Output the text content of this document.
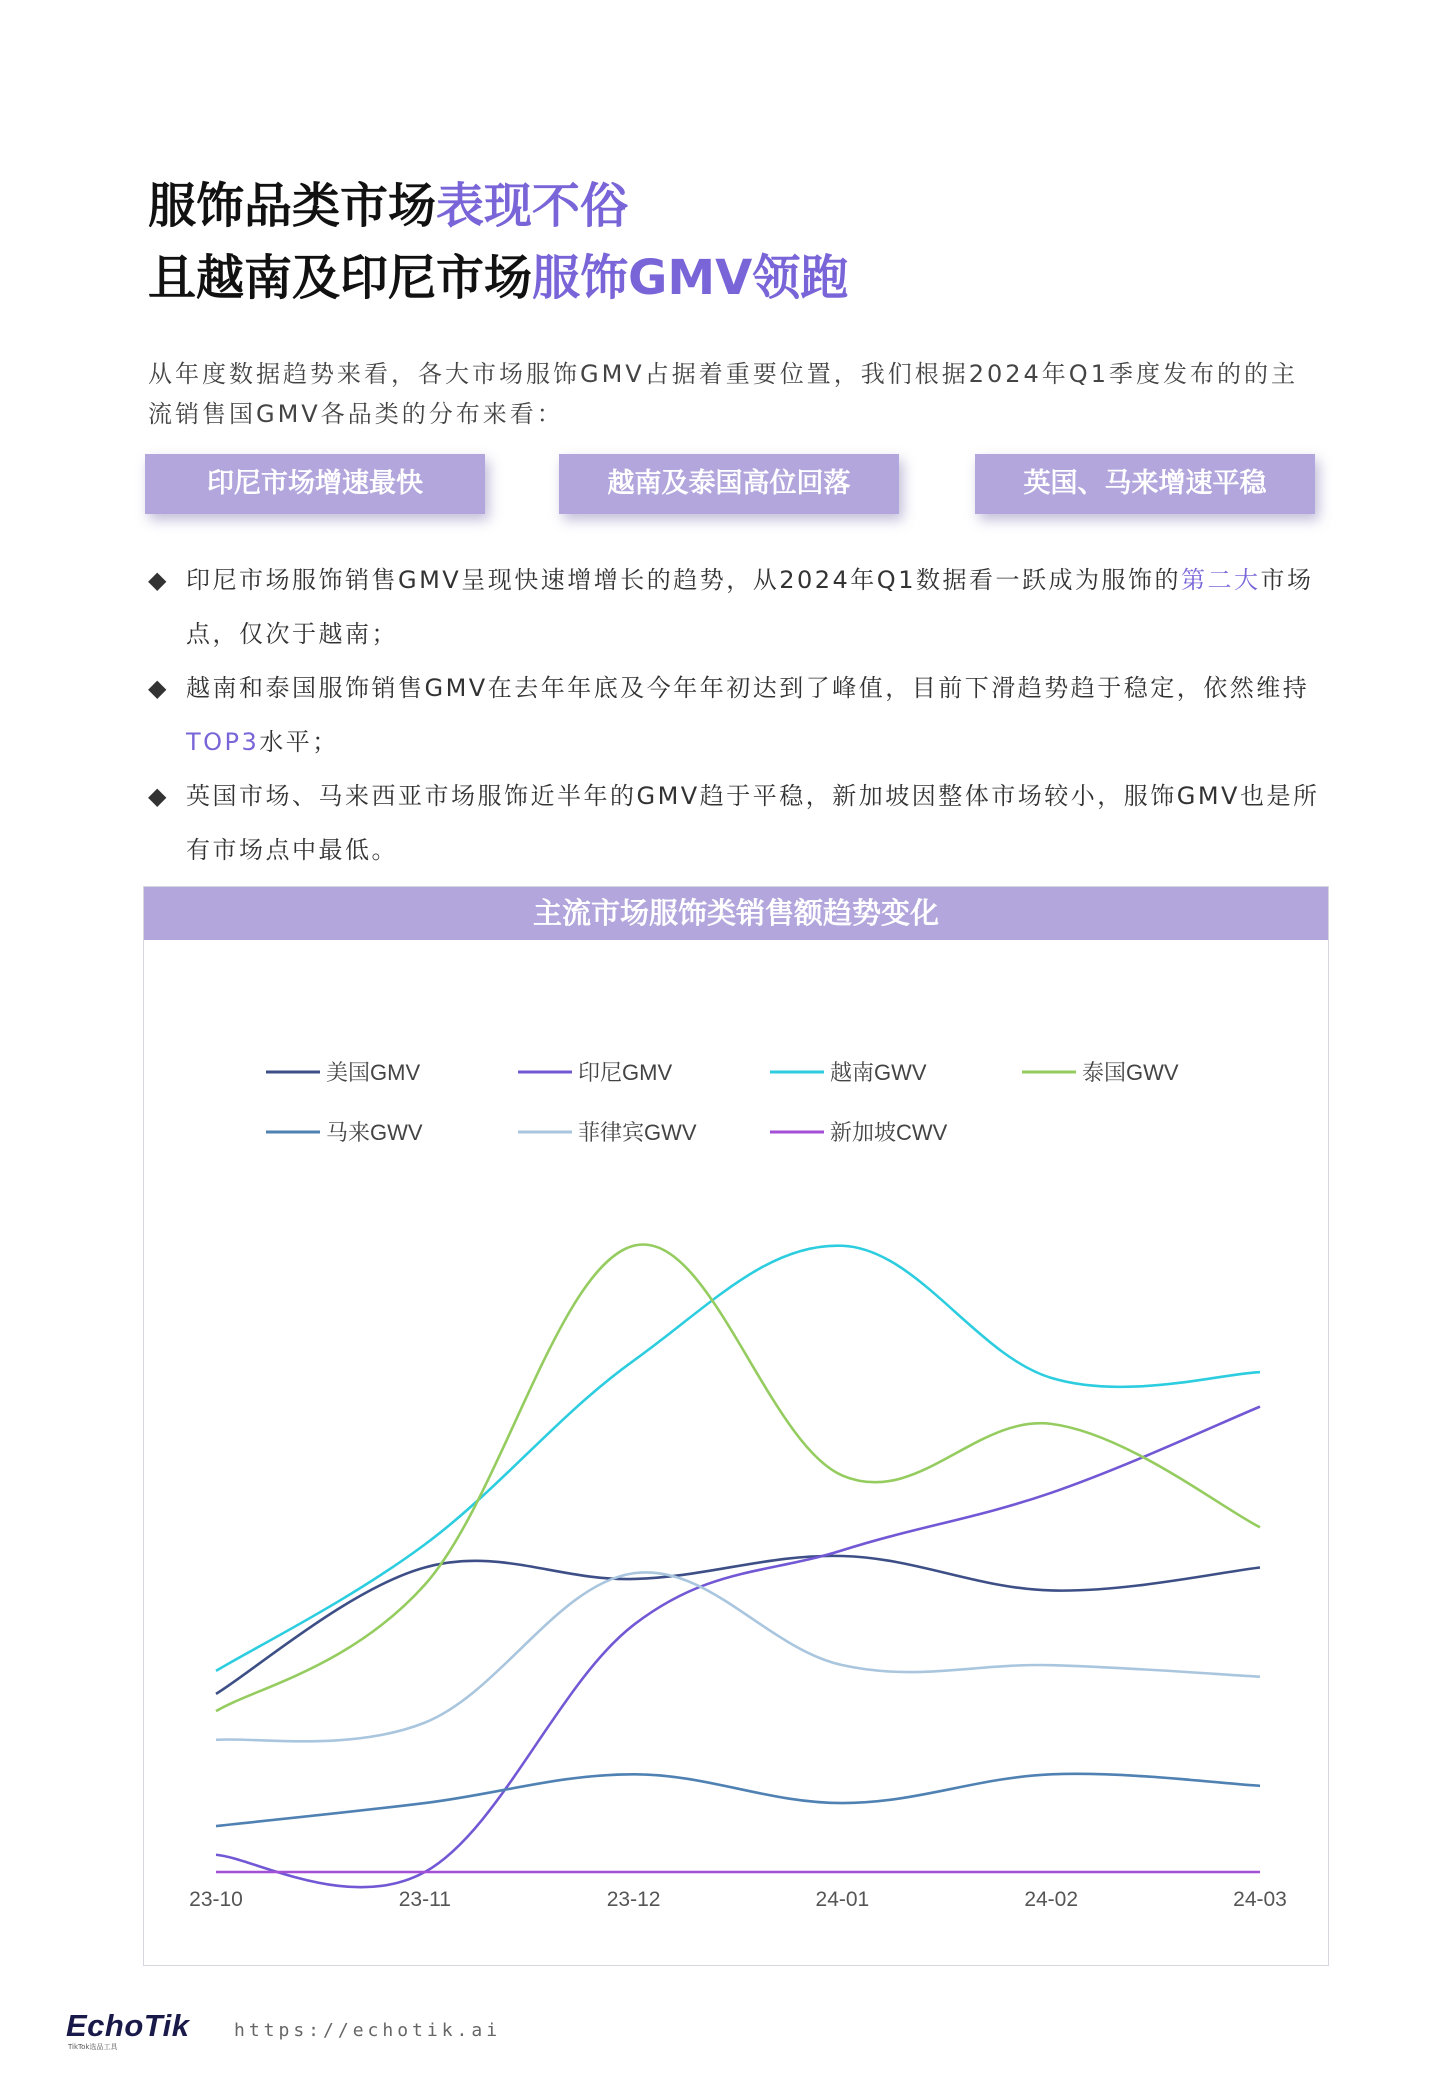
服饰品类市场表现不俗
且越南及印尼市场服饰GMV领跑
从年度数据趋势来看，各大市场服饰GMV占据着重要位置，我们根据2024年Q1季度发布的的主流销售国GMV各品类的分布来看：
印尼市场增速最快	越南及泰国高位回落	英国、马来增速平稳
◆ 印尼市场服饰销售GMV呈现快速增增长的趋势，从2024年Q1数据看一跃成为服饰的第二大市场点，仅次于越南；
◆ 越南和泰国服饰销售GMV在去年年底及今年年初达到了峰值，目前下滑趋势趋于稳定，依然维持TOP3水平；
◆ 英国市场、马来西亚市场服饰近半年的GMV趋于平稳，新加坡因整体市场较小，服饰GMV也是所有市场点中最低。
主流市场服饰类销售额趋势变化
美国GMV	印尼GMV	越南GWV	泰国GWV
马来GWV	菲律宾GWV	新加坡CWV
23-10	23-11	23-12	24-01	24-02	24-03
EchoTik
TikTok选品工具
https://echotik.ai
